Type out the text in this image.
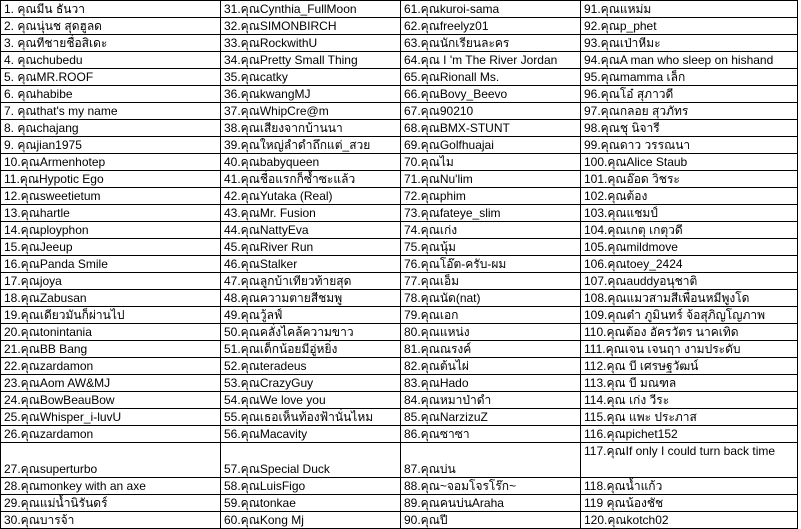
1. คุณมีน ธันวา	31.คุณCynthia_FullMoon	61.คุณkuroi-sama	91.คุณแหม่ม
2. คุณนุ่นช สุดฮูลด	32.คุณSIMONBIRCH	62.คุณfreelyz01	92.คุณp_phet
3. คุณทีชายชื่อสิเดะ	33.คุณRockwithU	63.คุณนักเรียนละคร	93.คุณเป่าหีมะ
4. คุณchubedu	34.คุณPretty Small Thing	64.คุณ I 'm The River Jordan	94.คุณA man who sleep on hishand
5. คุณMR.ROOF	35.คุณcatky	65.คุณRionall Ms.	95.คุณmamma เล็ก
6. คุณhabibe	36.คุณkwangMJ	66.คุณBovy_Beevo	96.คุณโอ๋ สุภาวดี
7. คุณthat's my name	37.คุณWhipCre@m	67.คุณ90210	97.คุณกลอย สุวภัทร
8. คุณchajang	38.คุณเสียงจากบ้านนา	68.คุณBMX-STUNT	98.คุณชุ นิจารี
9. คุณjian1975	39.คุณใหญ่ลำดำถึกแต่_สวย	69.คุณGolfhuajai	99.คุณดาว วรรณนา
10.คุณArmenhotep	40.คุณbabyqueen	70.คุณไม	100.คุณAlice Staub
11.คุณHypotic Ego	41.คุณชื่อแรกก็ซ้ำซะแล้ว	71.คุณNu'lim	101.คุณอ๊อด วิชระ
12.คุณsweetietum	42.คุณYutaka (Real)	72.คุณphim	102.คุณต้อง
13.คุณhartle	43.คุณMr. Fusion	73.คุณfateye_slim	103.คุณแชมป์
14.คุณployphon	44.คุณNattyEva	74.คุณเก่ง	104.คุณเกตุ เกตุวดี
15.คุณJeeup	45.คุณRiver Run	75.คุณนุ้ม	105.คุณmildmove
16.คุณPanda Smile	46.คุณStalker	76.คุณโอ๊ต-ครับ-ผม	106.คุณtoey_2424
17.คุณjoya	47.คุณลูกบ้าเทียวท้ายสุด	77.คุณเอ็ม	107.คุณauddyอนุชาติ
18.คุณZabusan	48.คุณความตายสีชมพู	78.คุณนัด(nat)	108.คุณแมวสามสีเพื่อนหมีพูงโด
19.คุณเดียวมันก็ผ่านไป	49.คุณวู้ลฟ์	79.คุณเอก	109.คุณต๋า ภูมินทร์ จ้อสุภิญโญภาพ
20.คุณtonintania	50.คุณคลั่งไคล้ความขาว	80.คุณแหน่ง	110.คุณต้อง อัครวัตร นาคเทิด
21.คุณBB Bang	51.คุณเด็กน้อยมีอู่หยิ่ง	81.คุณณรงค์	111.คุณเจน เจนฤา งามประดับ
22.คุณzardamon	52.คุณteradeus	82.คุณต้นไผ่	112.คุณ บี เศรษฐวัฒน์
23.คุณAom AW&MJ	53.คุณCrazyGuy	83.คุณHado	113.คุณ บี มณฑล
24.คุณBowBeauBow	54.คุณWe love you	84.คุณหมาป่าดำ	114.คุณ เก่ง วีระ
25.คุณWhisper_i-luvU	55.คุณเธอเห็นท้องฟ้านั่นไหม	85.คุณNarzizuZ	115.คุณ แพะ ประภาส
26.คุณzardamon	56.คุณMacavity	86.คุณซาซา	116.คุณpichet152
27.คุณsuperturbo	57.คุณSpecial Duck	87.คุณบ่น	117.คุณIf only I could turn back time
28.คุณmonkey with an axe	58.คุณLuisFigo	88.คุณ~จอมโจรโร๊ก~	118.คุณน้ำแก้ว
29.คุณแม่น้ำนิรันดร์	59.คุณtonkae	89.คุณคนบ่นAraha	119 คุณน้องชัช
30.คุณบารจ้า	60.คุณKong Mj	90.คุณปี	120.คุณkotch02
